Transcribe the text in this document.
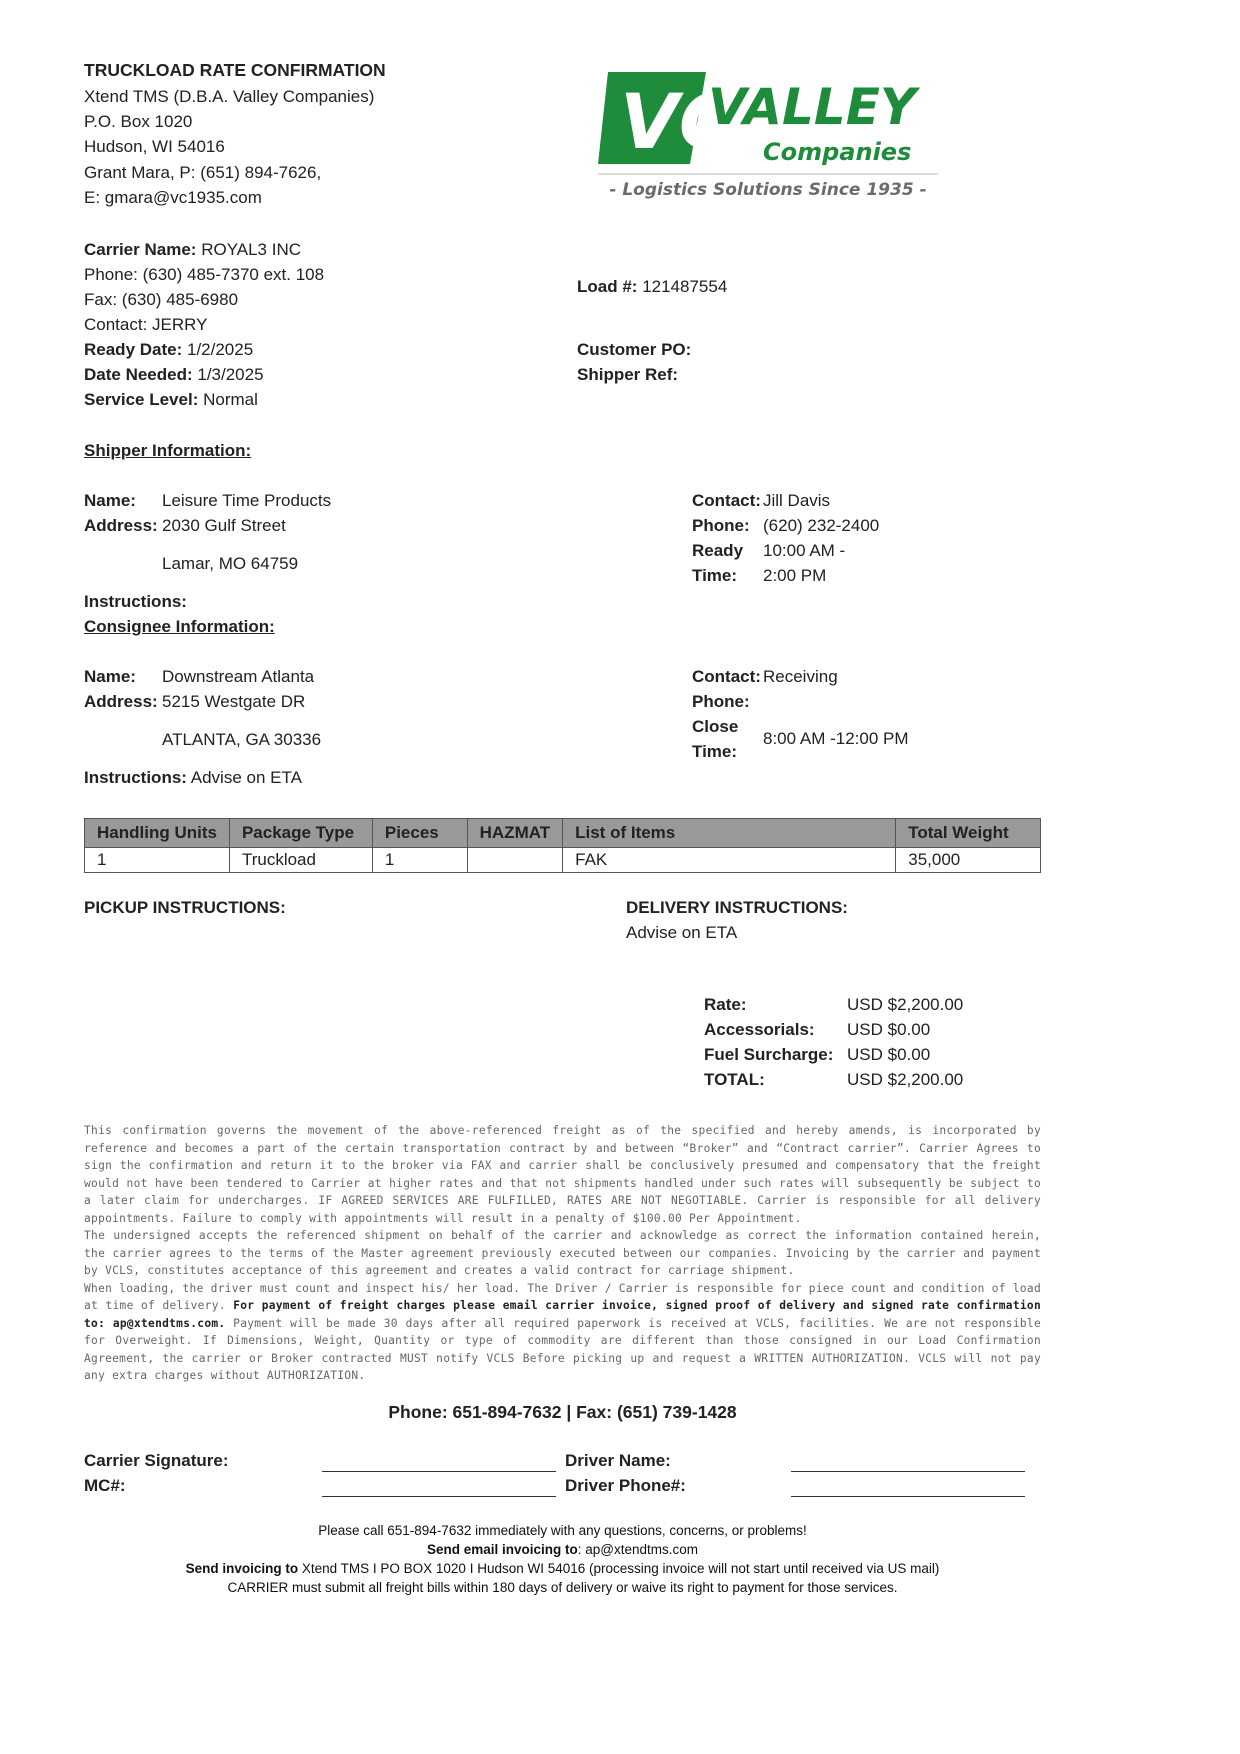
TRUCKLOAD RATE CONFIRMATION
Xtend TMS (D.B.A. Valley Companies)
P.O. Box 1020
Hudson, WI 54016
Grant Mara, P: (651) 894-7626,
E: gmara@vc1935.com
VC
VALLEY
Companies
- Logistics Solutions Since 1935 -
Carrier Name: ROYAL3 INC
Phone: (630) 485-7370 ext. 108
Fax: (630) 485-6980
Contact: JERRY
Ready Date: 1/2/2025
Date Needed: 1/3/2025
Service Level: Normal
Load #: 121487554
Customer PO:
Shipper Ref:
Shipper Information:
Name: Leisure Time Products
Address: 2030 Gulf Street
Lamar, MO 64759
Instructions:
Contact: Jill Davis
Phone: (620) 232-2400
Ready
Time:
10:00 AM -
2:00 PM
Consignee Information:
Name: Downstream Atlanta
Address: 5215 Westgate DR
ATLANTA, GA 30336
Instructions: Advise on ETA
Contact: Receiving
Phone:
Close
Time:
8:00 AM -12:00 PM
Handling Units	Package Type	Pieces	HAZMAT	List of Items	Total Weight
1	Truckload	1		FAK	35,000
PICKUP INSTRUCTIONS:	DELIVERY INSTRUCTIONS:
Advise on ETA
Rate:	USD $2,200.00
Accessorials: USD $0.00
Fuel Surcharge: USD $0.00
TOTAL:	USD $2,200.00

This confirmation governs the movement of the above-referenced freight as of the specified and hereby amends, is incorporated by reference and becomes a part of the certain transportation contract by and between “Broker” and “Contract carrier”. Carrier Agrees to sign the confirmation and return it to the broker via FAX and carrier shall be conclusively presumed and compensatory that the freight would not have been tendered to Carrier at higher rates and that not shipments handled under such rates will subsequently be subject to a later claim for undercharges. IF AGREED SERVICES ARE FULFILLED, RATES ARE NOT NEGOTIABLE. Carrier is responsible for all delivery appointments. Failure to comply with appointments will result in a penalty of $100.00 Per Appointment.

The undersigned accepts the referenced shipment on behalf of the carrier and acknowledge as correct the information contained herein, the carrier agrees to the terms of the Master agreement previously executed between our companies. Invoicing by the carrier and payment by VCLS, constitutes acceptance of this agreement and creates a valid contract for carriage shipment.

When loading, the driver must count and inspect his/ her load. The Driver / Carrier is responsible for piece count and condition of load at time of delivery. For payment of freight charges please email carrier invoice, signed proof of delivery and signed rate confirmation to: ap@xtendtms.com. Payment will be made 30 days after all required paperwork is received at VCLS, facilities. We are not responsible for Overweight. If Dimensions, Weight, Quantity or type of commodity are different than those consigned in our Load Confirmation Agreement, the carrier or Broker contracted MUST notify VCLS Before picking up and request a WRITTEN AUTHORIZATION. VCLS will not pay any extra charges without AUTHORIZATION.

Phone: 651-894-7632 | Fax: (651) 739-1428
Carrier Signature:
MC#:
Driver Name:
Driver Phone#:
Please call 651-894-7632 immediately with any questions, concerns, or problems!
Send email invoicing to: ap@xtendtms.com
Send invoicing to Xtend TMS I PO BOX 1020 I Hudson WI 54016 (processing invoice will not start until received via US mail)
CARRIER must submit all freight bills within 180 days of delivery or waive its right to payment for those services.
